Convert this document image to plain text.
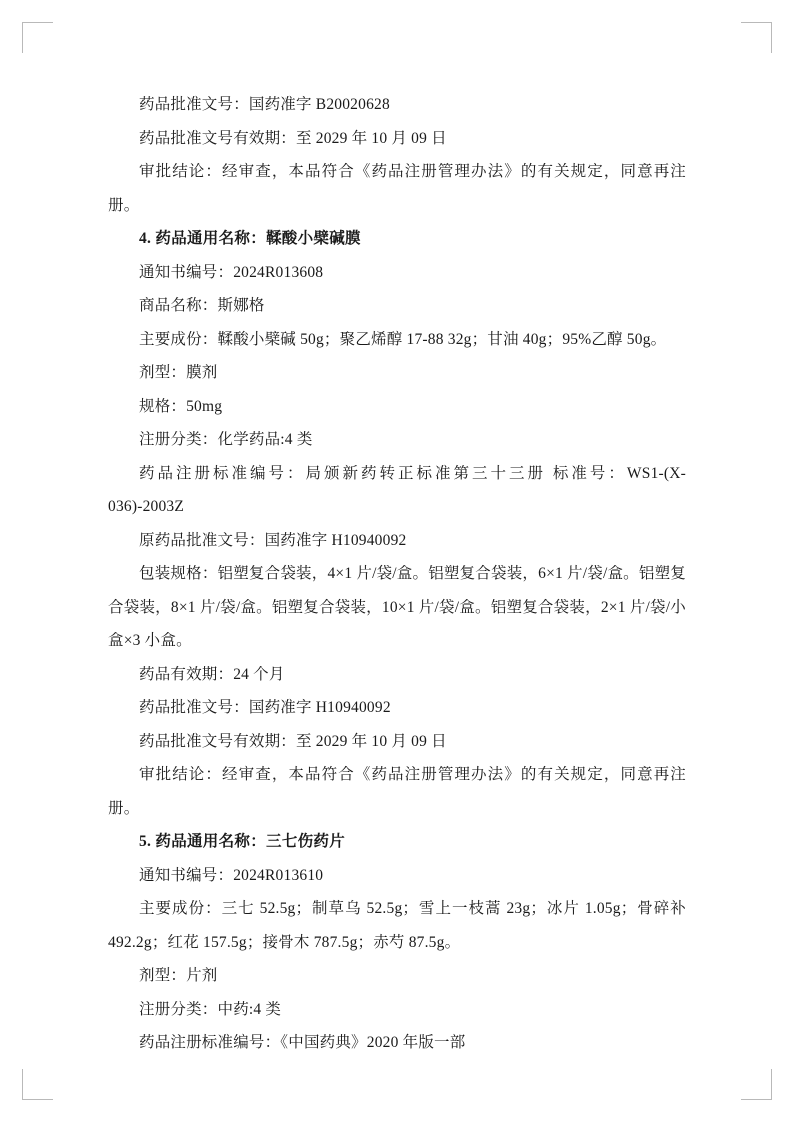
药品批准文号：国药准字 B20020628

药品批准文号有效期：至 2029 年 10 月 09 日

审批结论：经审查，本品符合《药品注册管理办法》的有关规定，同意再注册。

4. 药品通用名称：鞣酸小檗碱膜

通知书编号：2024R013608

商品名称：斯娜格

主要成份：鞣酸小檗碱 50g；聚乙烯醇 17-88 32g；甘油 40g；95%乙醇 50g。

剂型：膜剂

规格：50mg

注册分类：化学药品:4 类

药品注册标准编号：局颁新药转正标准第三十三册 标准号：WS1-(X-036)-2003Z

原药品批准文号：国药准字 H10940092

包装规格：铝塑复合袋装，4×1 片/袋/盒。铝塑复合袋装，6×1 片/袋/盒。铝塑复合袋装，8×1 片/袋/盒。铝塑复合袋装，10×1 片/袋/盒。铝塑复合袋装，2×1 片/袋/小盒×3 小盒。

药品有效期：24 个月

药品批准文号：国药准字 H10940092

药品批准文号有效期：至 2029 年 10 月 09 日

审批结论：经审查，本品符合《药品注册管理办法》的有关规定，同意再注册。

5. 药品通用名称：三七伤药片

通知书编号：2024R013610

主要成份：三七 52.5g；制草乌 52.5g；雪上一枝蒿 23g；冰片 1.05g；骨碎补 492.2g；红花 157.5g；接骨木 787.5g；赤芍 87.5g。

剂型：片剂

注册分类：中药:4 类

药品注册标准编号：《中国药典》2020 年版一部
